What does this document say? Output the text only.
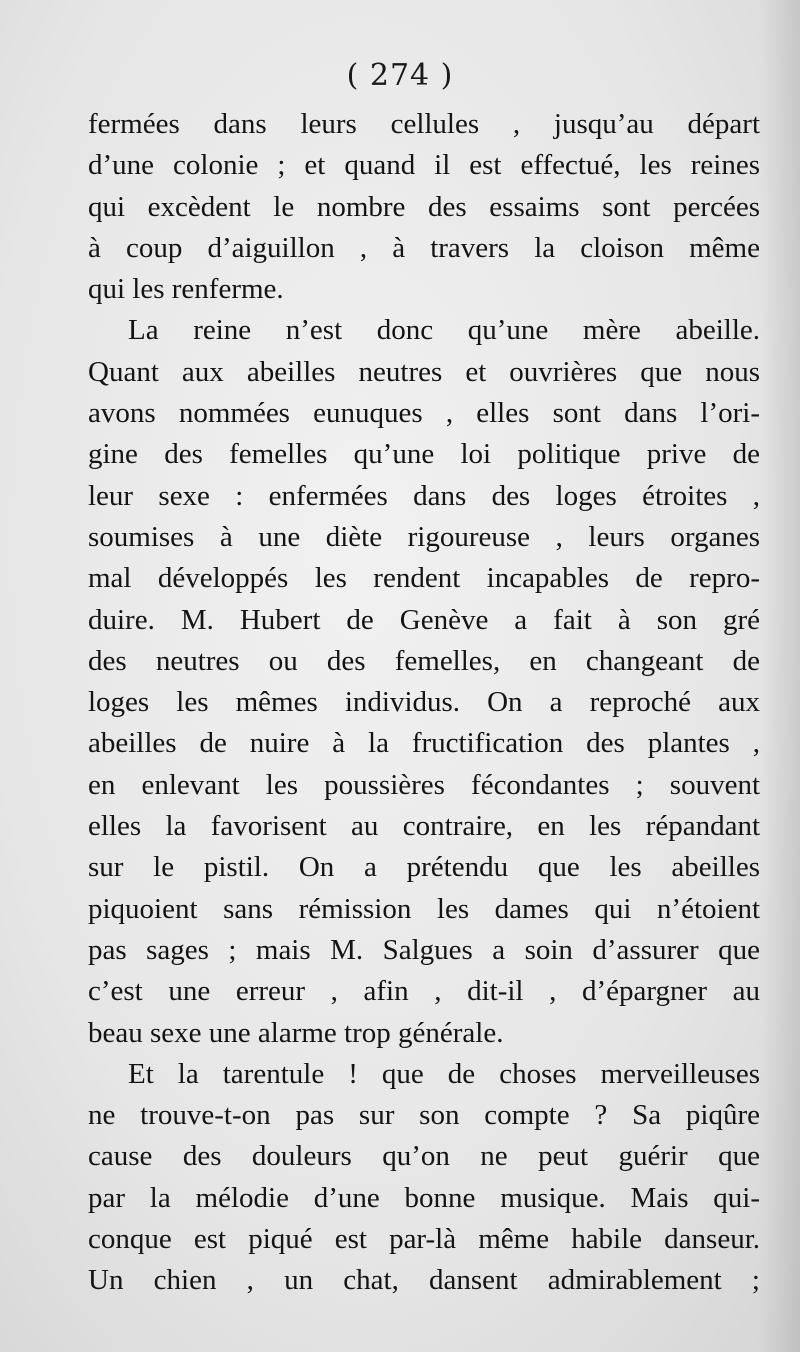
( 274 )
fermées dans leurs cellules , jusqu’au départ
d’une colonie ; et quand il est effectué, les reines
qui excèdent le nombre des essaims sont percées
à coup d’aiguillon , à travers la cloison même
qui les renferme.
La reine n’est donc qu’une mère abeille.
Quant aux abeilles neutres et ouvrières que nous
avons nommées eunuques , elles sont dans l’ori-
gine des femelles qu’une loi politique prive de
leur sexe : enfermées dans des loges étroites ,
soumises à une diète rigoureuse , leurs organes
mal développés les rendent incapables de repro-
duire. M. Hubert de Genève a fait à son gré
des neutres ou des femelles, en changeant de
loges les mêmes individus. On a reproché aux
abeilles de nuire à la fructification des plantes ,
en enlevant les poussières fécondantes ; souvent
elles la favorisent au contraire, en les répandant
sur le pistil. On a prétendu que les abeilles
piquoient sans rémission les dames qui n’étoient
pas sages ; mais M. Salgues a soin d’assurer que
c’est une erreur , afin , dit-il , d’épargner au
beau sexe une alarme trop générale.
Et la tarentule ! que de choses merveilleuses
ne trouve-t-on pas sur son compte ? Sa piqûre
cause des douleurs qu’on ne peut guérir que
par la mélodie d’une bonne musique. Mais qui-
conque est piqué est par-là même habile danseur.
Un chien , un chat, dansent admirablement ;
